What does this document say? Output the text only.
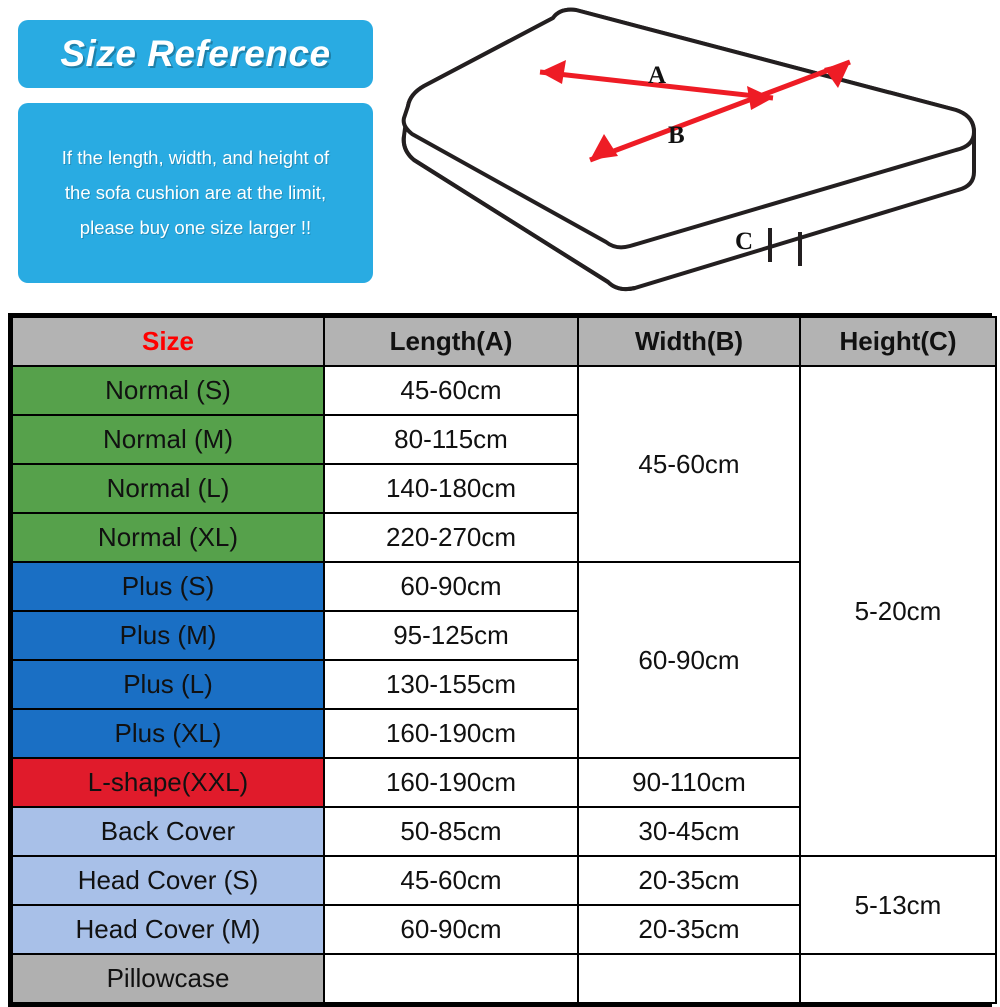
Size Reference

If the length, width, and height of

the sofa cushion are at the limit,

please buy one size larger !!

A
B
C
Size	Length(A)	Width(B)	Height(C)
Normal (S)	45-60cm	45-60cm	5-20cm
Normal (M)	80-115cm		
Normal (L)	140-180cm		
Normal (XL)	220-270cm		
Plus (S)	60-90cm	60-90cm	
Plus (M)	95-125cm		
Plus (L)	130-155cm		
Plus (XL)	160-190cm		
L-shape(XXL)	160-190cm	90-110cm	
Back Cover	50-85cm	30-45cm	
Head Cover (S)	45-60cm	20-35cm	5-13cm
Head Cover (M)	60-90cm	20-35cm	
Pillowcase			
